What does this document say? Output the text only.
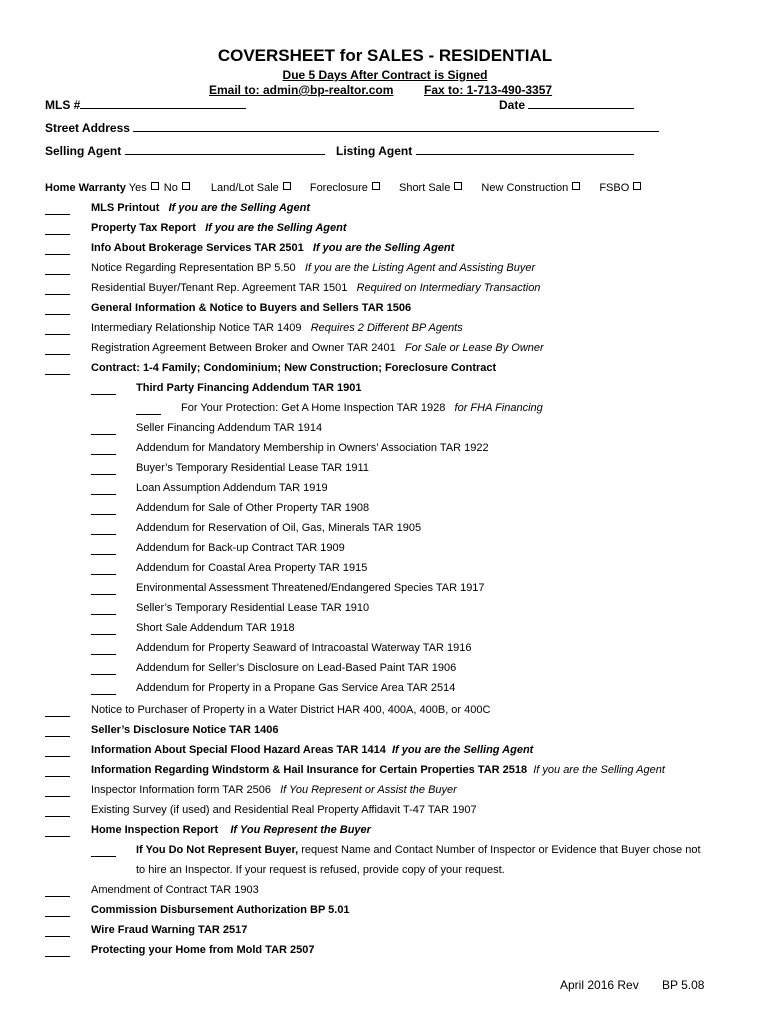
COVERSHEET for SALES - RESIDENTIAL
Due 5 Days After Contract is Signed
Email to: admin@bp-realtor.com	Fax to: 1-713-490-3357
MLS #	Date
Street Address
Selling Agent	Listing Agent
Home Warranty Yes No	Land/Lot Sale	Foreclosure	Short Sale	New Construction	FSBO
MLS Printout If you are the Selling Agent
Property Tax Report If you are the Selling Agent
Info About Brokerage Services TAR 2501 If you are the Selling Agent
Notice Regarding Representation BP 5.50 If you are the Listing Agent and Assisting Buyer
Residential Buyer/Tenant Rep. Agreement TAR 1501 Required on Intermediary Transaction
General Information & Notice to Buyers and Sellers TAR 1506
Intermediary Relationship Notice TAR 1409 Requires 2 Different BP Agents
Registration Agreement Between Broker and Owner TAR 2401 For Sale or Lease By Owner
Contract: 1-4 Family; Condominium; New Construction; Foreclosure Contract
Third Party Financing Addendum TAR 1901
For Your Protection: Get A Home Inspection TAR 1928 for FHA Financing
Seller Financing Addendum TAR 1914
Addendum for Mandatory Membership in Owners’ Association TAR 1922
Buyer’s Temporary Residential Lease TAR 1911
Loan Assumption Addendum TAR 1919
Addendum for Sale of Other Property TAR 1908
Addendum for Reservation of Oil, Gas, Minerals TAR 1905
Addendum for Back-up Contract TAR 1909
Addendum for Coastal Area Property TAR 1915
Environmental Assessment Threatened/Endangered Species TAR 1917
Seller’s Temporary Residential Lease TAR 1910
Short Sale Addendum TAR 1918
Addendum for Property Seaward of Intracoastal Waterway TAR 1916
Addendum for Seller’s Disclosure on Lead-Based Paint TAR 1906
Addendum for Property in a Propane Gas Service Area TAR 2514
Notice to Purchaser of Property in a Water District HAR 400, 400A, 400B, or 400C
Seller’s Disclosure Notice TAR 1406
Information About Special Flood Hazard Areas TAR 1414 If you are the Selling Agent
Information Regarding Windstorm & Hail Insurance for Certain Properties TAR 2518 If you are the Selling Agent
Inspector Information form TAR 2506 If You Represent or Assist the Buyer
Existing Survey (if used) and Residential Real Property Affidavit T-47 TAR 1907
Home Inspection Report If You Represent the Buyer
If You Do Not Represent Buyer, request Name and Contact Number of Inspector or Evidence that Buyer chose not
to hire an Inspector. If your request is refused, provide copy of your request.
Amendment of Contract TAR 1903
Commission Disbursement Authorization BP 5.01
Wire Fraud Warning TAR 2517
Protecting your Home from Mold TAR 2507
April 2016 Rev BP 5.08
